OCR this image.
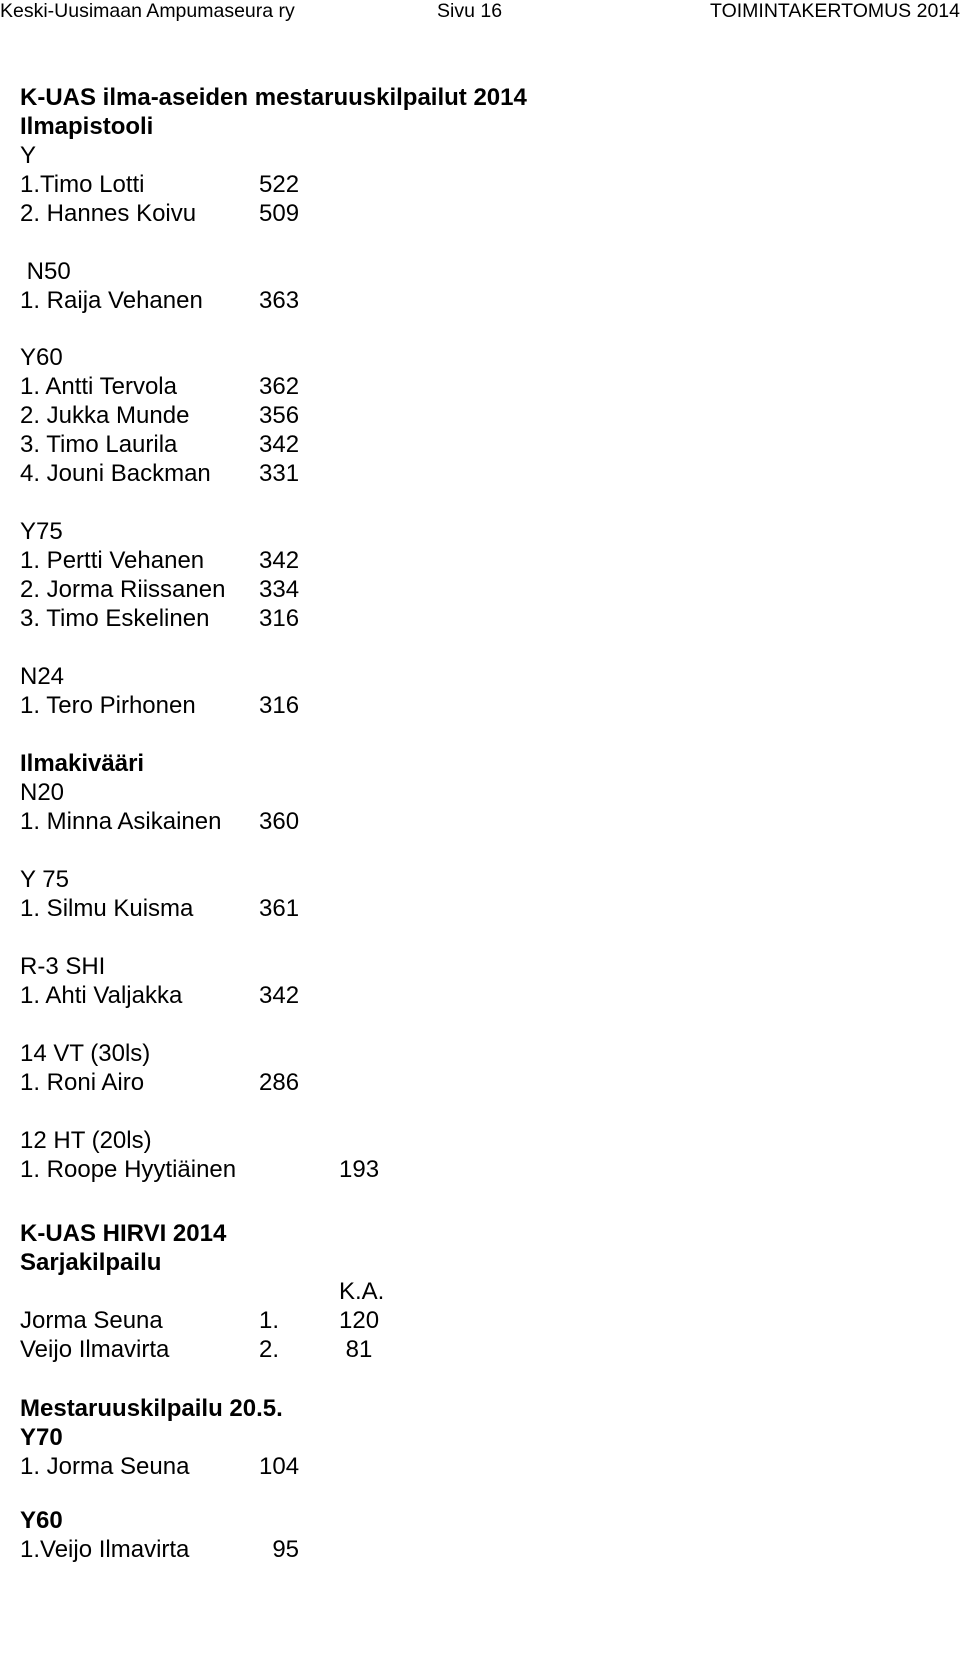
Keski-Uusimaan Ampumaseura ry	Sivu 16	TOIMINTAKERTOMUS 2014
K-UAS ilma-aseiden mestaruuskilpailut 2014
Ilmapistooli
Y
1.Timo Lotti	522
2. Hannes Koivu	509
N50
1. Raija Vehanen 363
Y60
1. Antti Tervola	362
2. Jukka Munde	356
3. Timo Laurila	342
4. Jouni Backman 331
Y75
1. Pertti Vehanen 342
2. Jorma Riissanen 334
3. Timo Eskelinen 316
N24
1. Tero Pirhonen	316
Ilmakivääri
N20
1. Minna Asikainen 360
Y 75
1. Silmu Kuisma	361
R-3 SHI
1. Ahti Valjakka	342
14 VT (30ls)
1. Roni Airo	286
12 HT (20ls)
1. Roope Hyytiäinen	193
K-UAS HIRVI 2014
Sarjakilpailu
K.A.
Jorma Seuna	1. 120
Veijo Ilmavirta	2. 81
Mestaruuskilpailu 20.5.
Y70
1. Jorma Seuna	104
Y60
1.Veijo Ilmavirta	95
